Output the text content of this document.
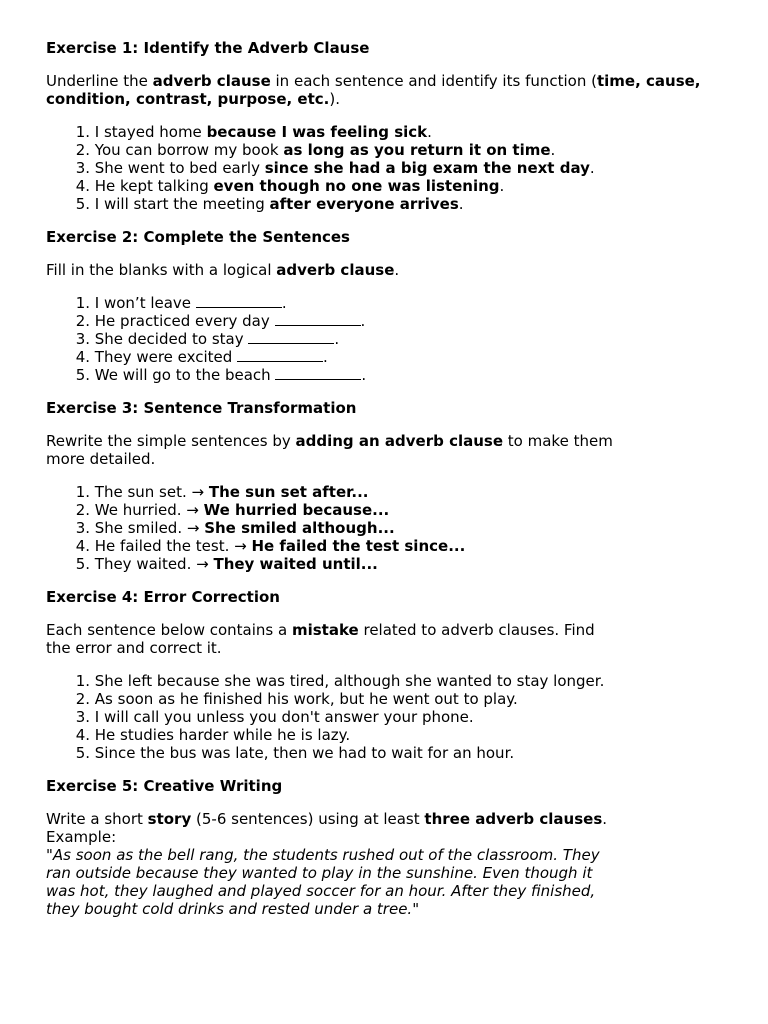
Exercise 1: Identify the Adverb Clause

Underline the adverb clause in each sentence and identify its function (time, cause, condition, contrast, purpose, etc.).

1. I stayed home because I was feeling sick.
2. You can borrow my book as long as you return it on time.
3. She went to bed early since she had a big exam the next day.
4. He kept talking even though no one was listening.
5. I will start the meeting after everyone arrives.

Exercise 2: Complete the Sentences

Fill in the blanks with a logical adverb clause.

1. I won’t leave	.
2. He practiced every day	.
3. She decided to stay	.
4. They were excited	.
5. We will go to the beach	.

Exercise 3: Sentence Transformation

Rewrite the simple sentences by adding an adverb clause to make them
more detailed.

1. The sun set. → The sun set after...
2. We hurried. → We hurried because...
3. She smiled. → She smiled although...
4. He failed the test. → He failed the test since...
5. They waited. → They waited until...

Exercise 4: Error Correction

Each sentence below contains a mistake related to adverb clauses. Find
the error and correct it.

1. She left because she was tired, although she wanted to stay longer.
2. As soon as he finished his work, but he went out to play.
3. I will call you unless you don't answer your phone.
4. He studies harder while he is lazy.
5. Since the bus was late, then we had to wait for an hour.

Exercise 5: Creative Writing

Write a short story (5-6 sentences) using at least three adverb clauses.
Example:
"As soon as the bell rang, the students rushed out of the classroom. They
ran outside because they wanted to play in the sunshine. Even though it
was hot, they laughed and played soccer for an hour. After they finished,
they bought cold drinks and rested under a tree."
